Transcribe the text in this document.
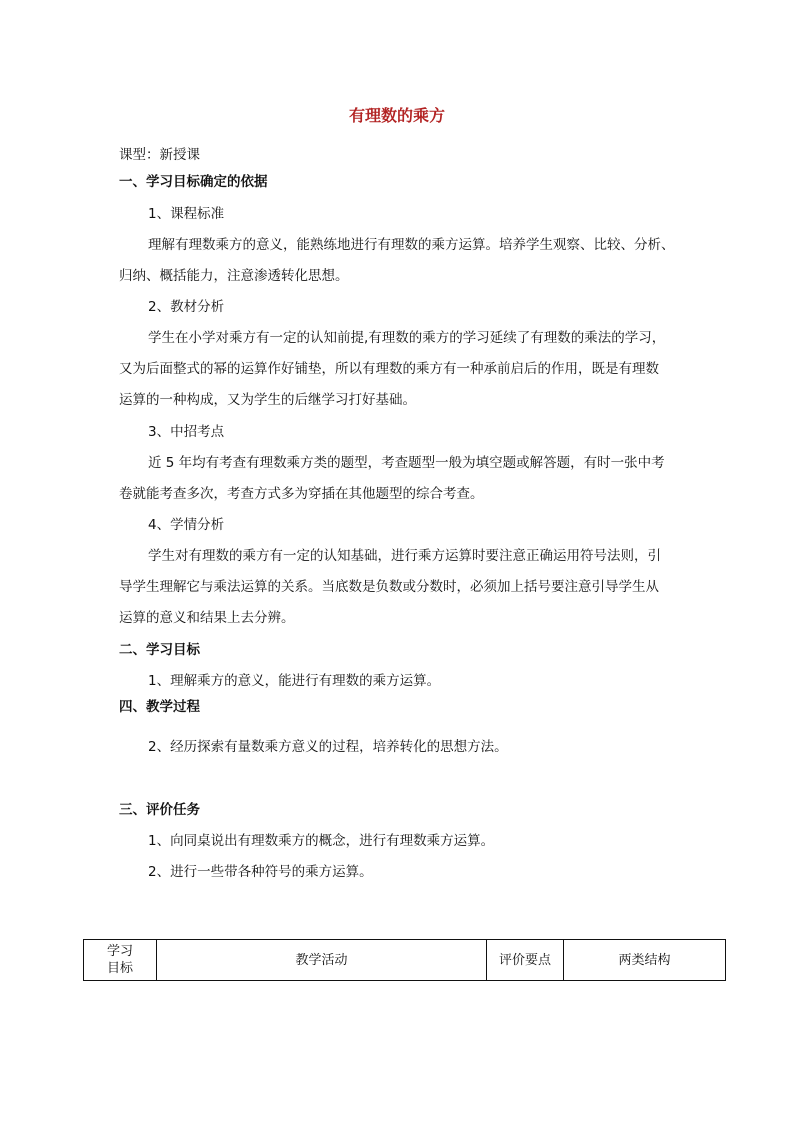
有理数的乘方
课型：新授课
一、学习目标确定的依据
1、课程标准
理解有理数乘方的意义，能熟练地进行有理数的乘方运算。培养学生观察、比较、分析、
归纳、概括能力，注意渗透转化思想。
2、教材分析
学生在小学对乘方有一定的认知前提,有理数的乘方的学习延续了有理数的乘法的学习，
又为后面整式的幂的运算作好铺垫，所以有理数的乘方有一种承前启后的作用，既是有理数
运算的一种构成，又为学生的后继学习打好基础。
3、中招考点
近 5 年均有考查有理数乘方类的题型，考查题型一般为填空题或解答题，有时一张中考
卷就能考查多次，考查方式多为穿插在其他题型的综合考查。
4、学情分析
学生对有理数的乘方有一定的认知基础，进行乘方运算时要注意正确运用符号法则，引
导学生理解它与乘法运算的关系。当底数是负数或分数时，必须加上括号要注意引导学生从
运算的意义和结果上去分辨。
二、学习目标
1、理解乘方的意义，能进行有理数的乘方运算。
四、教学过程
2、经历探索有量数乘方意义的过程，培养转化的思想方法。
三、评价任务
1、向同桌说出有理数乘方的概念，进行有理数乘方运算。
2、进行一些带各种符号的乘方运算。
学习
目标
	教学活动	评价要点	两类结构
